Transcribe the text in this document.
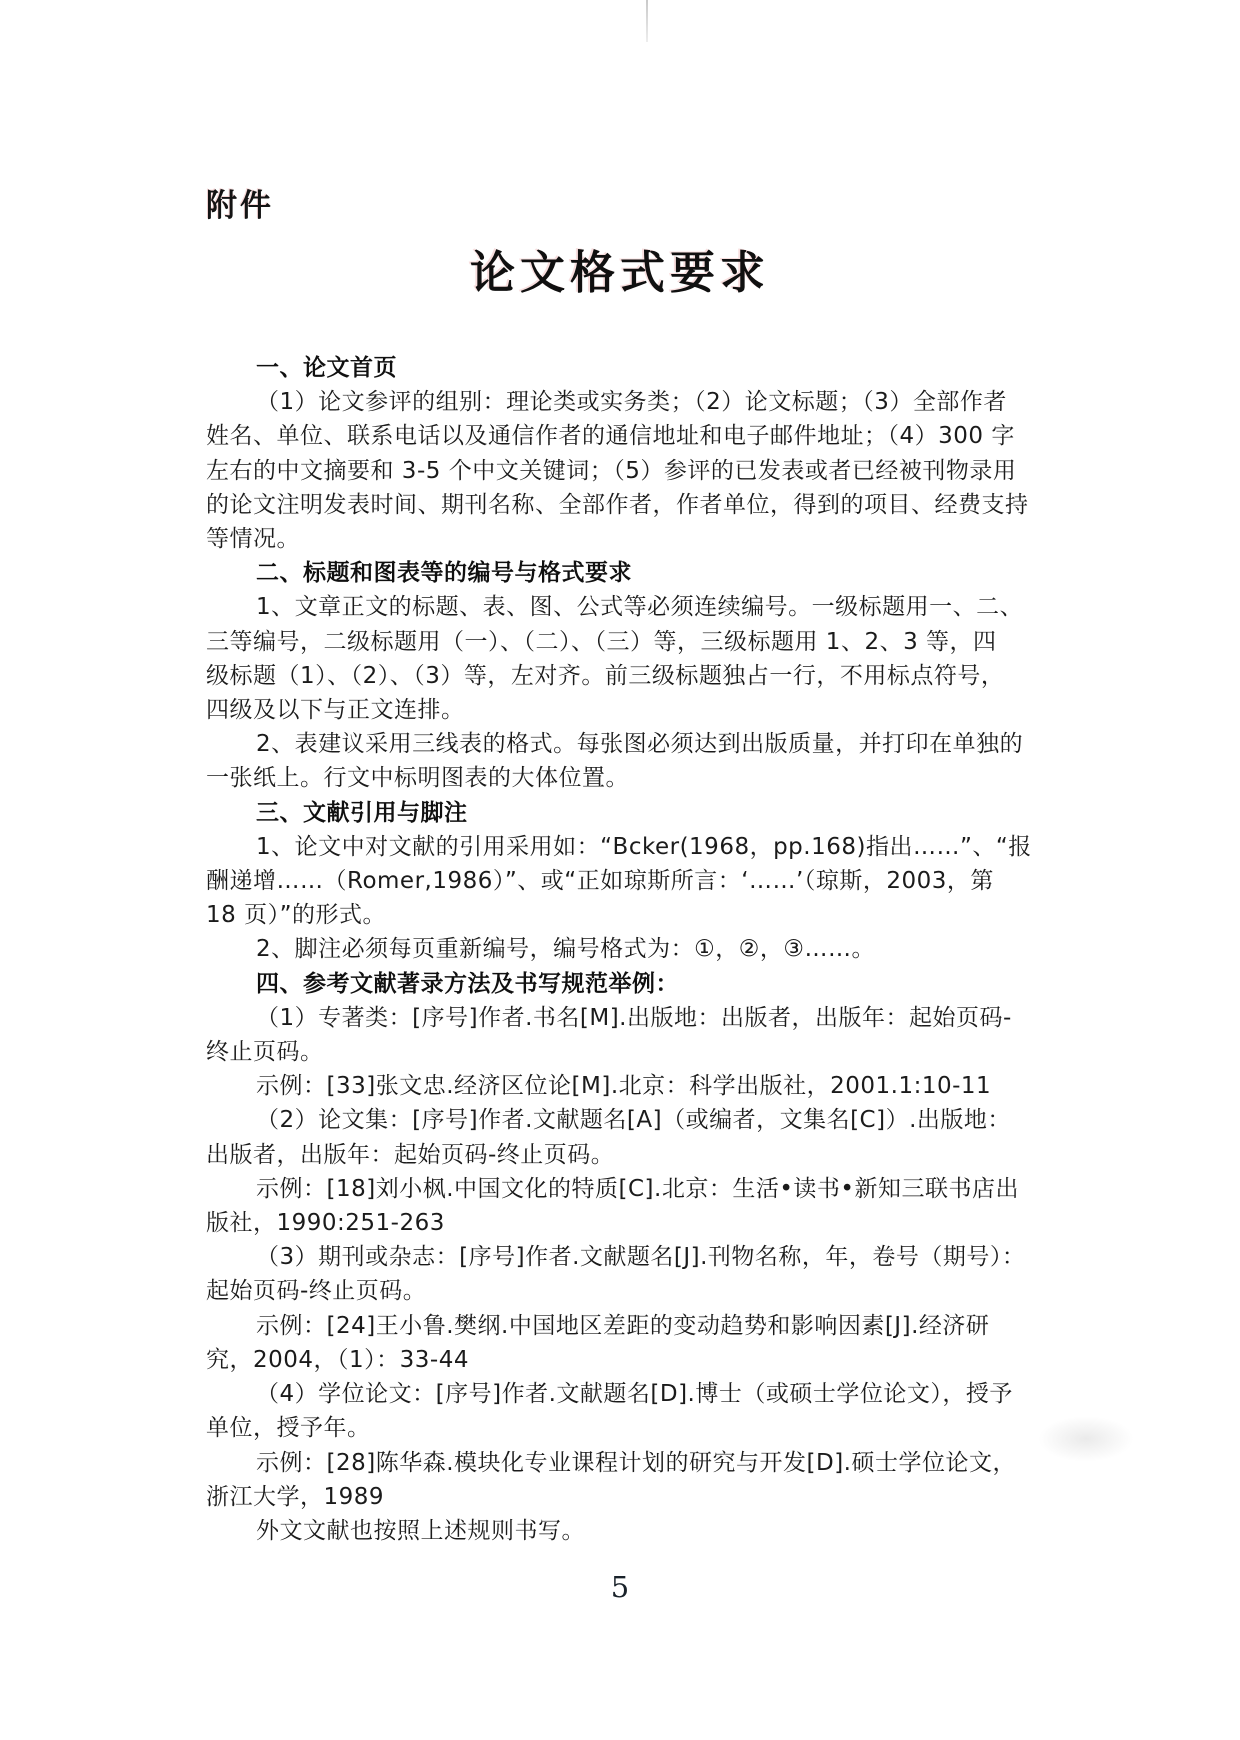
附件
论文格式要求
一、论文首页
（1）论文参评的组别：理论类或实务类；（2）论文标题；（3）全部作者
姓名、单位、联系电话以及通信作者的通信地址和电子邮件地址；（4）300 字
左右的中文摘要和 3-5 个中文关键词；（5）参评的已发表或者已经被刊物录用
的论文注明发表时间、期刊名称、全部作者，作者单位，得到的项目、经费支持
等情况。
二、标题和图表等的编号与格式要求
1、文章正文的标题、表、图、公式等必须连续编号。一级标题用一、二、
三等编号，二级标题用（一）、（二）、（三）等，三级标题用 1、2、3 等，四
级标题（1）、（2）、（3）等，左对齐。前三级标题独占一行，不用标点符号，
四级及以下与正文连排。
2、表建议采用三线表的格式。每张图必须达到出版质量，并打印在单独的
一张纸上。行文中标明图表的大体位置。
三、文献引用与脚注
1、论文中对文献的引用采用如：“Bcker(1968，pp.168)指出……”、“报
酬递增……（Romer,1986）”、或“正如琼斯所言：‘……’（琼斯，2003，第
18 页）”的形式。
2、脚注必须每页重新编号，编号格式为：①，②，③……。
四、参考文献著录方法及书写规范举例：
（1）专著类：[序号]作者.书名[M].出版地：出版者，出版年：起始页码-
终止页码。
示例：[33]张文忠.经济区位论[M].北京：科学出版社，2001.1:10-11
（2）论文集：[序号]作者.文献题名[A]（或编者，文集名[C]）.出版地：
出版者，出版年：起始页码-终止页码。
示例：[18]刘小枫.中国文化的特质[C].北京：生活•读书•新知三联书店出
版社，1990:251-263
（3）期刊或杂志：[序号]作者.文献题名[J].刊物名称，年，卷号（期号）：
起始页码-终止页码。
示例：[24]王小鲁.樊纲.中国地区差距的变动趋势和影响因素[J].经济研
究，2004，（1）：33-44
（4）学位论文：[序号]作者.文献题名[D].博士（或硕士学位论文），授予
单位，授予年。
示例：[28]陈华森.模块化专业课程计划的研究与开发[D].硕士学位论文，
浙江大学，1989
外文文献也按照上述规则书写。
5
